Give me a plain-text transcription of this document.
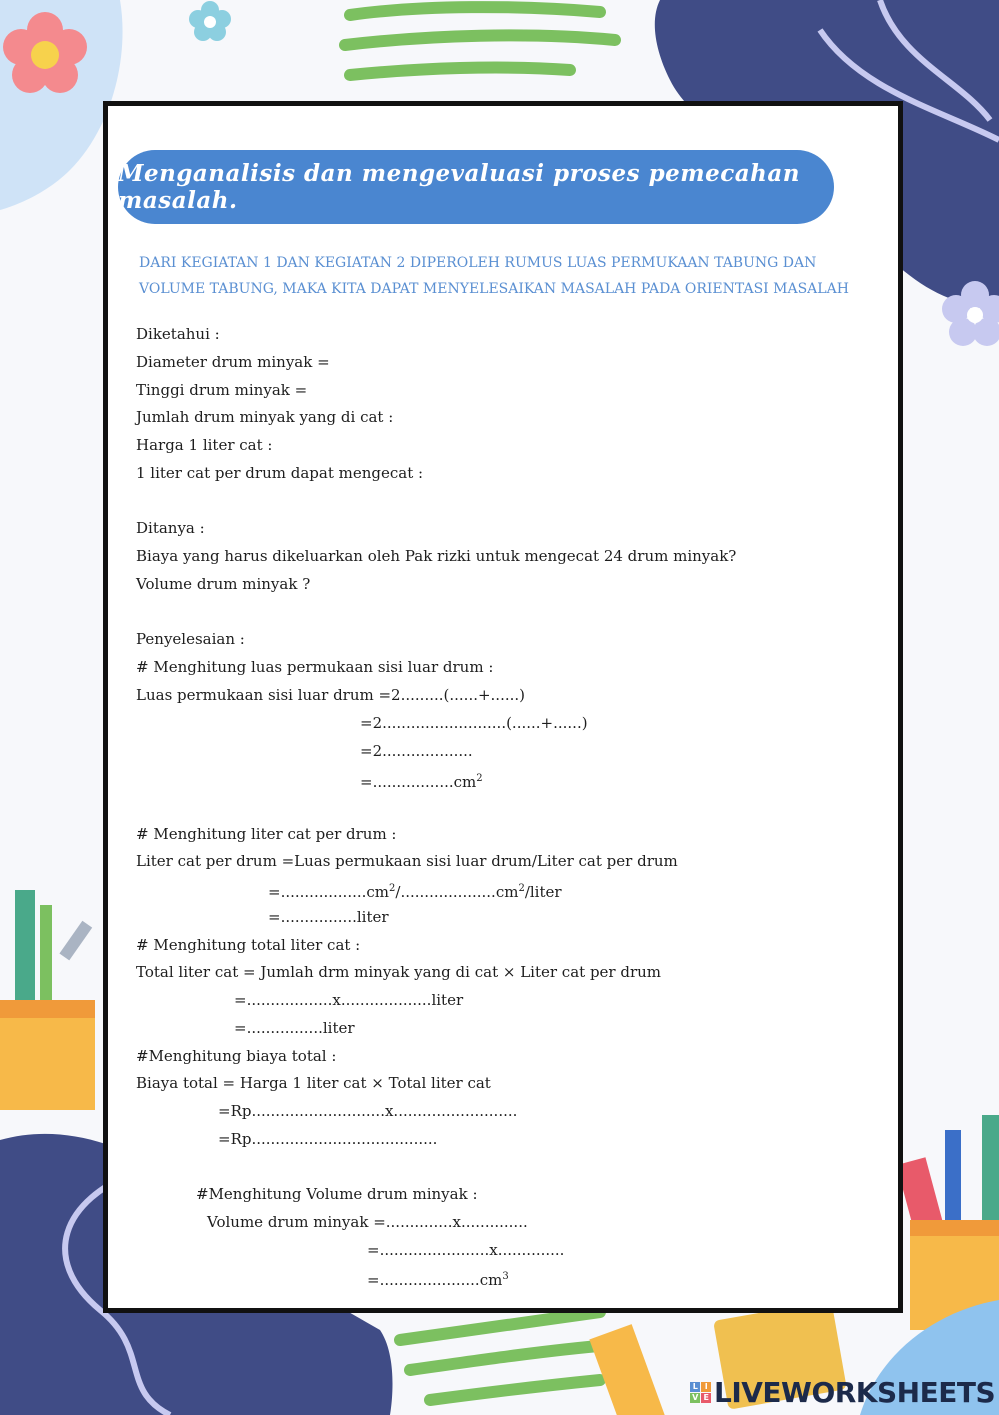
Menganalisis dan mengevaluasi proses pemecahan masalah.
DARI KEGIATAN 1 DAN KEGIATAN 2 DIPEROLEH RUMUS LUAS PERMUKAAN TABUNG DAN VOLUME TABUNG, MAKA KITA DAPAT MENYELESAIKAN MASALAH PADA ORIENTASI MASALAH
Diketahui :
Diameter drum minyak =
Tinggi drum minyak =
Jumlah drum minyak yang di cat :
Harga 1 liter cat :
1 liter cat per drum dapat mengecat :
Ditanya :
Biaya yang harus dikeluarkan oleh Pak rizki untuk mengecat 24 drum minyak?
Volume drum minyak ?
Penyelesaian :
# Menghitung luas permukaan sisi luar drum :
Luas permukaan sisi luar drum =2.........(......+......)
=2..........................(......+......)
=2...................
$=.................cm^2$
# Menghitung liter cat per drum :
Liter cat per drum =Luas permukaan sisi luar drum/Liter cat per drum
$=..................cm^2/....................cm^2$/liter
=................liter
# Menghitung total liter cat :
Total liter cat = Jumlah drm minyak yang di cat × Liter cat per drum
=..................x...................liter
=................liter
#Menghitung biaya total :
Biaya total = Harga 1 liter cat × Total liter cat
=Rp............................x..........................
=Rp.......................................
#Menghitung Volume drum minyak :
Volume drum minyak =..............x..............
=.......................x..............
$=.....................cm^3$
L I
V E LIVEWORKSHEETS
